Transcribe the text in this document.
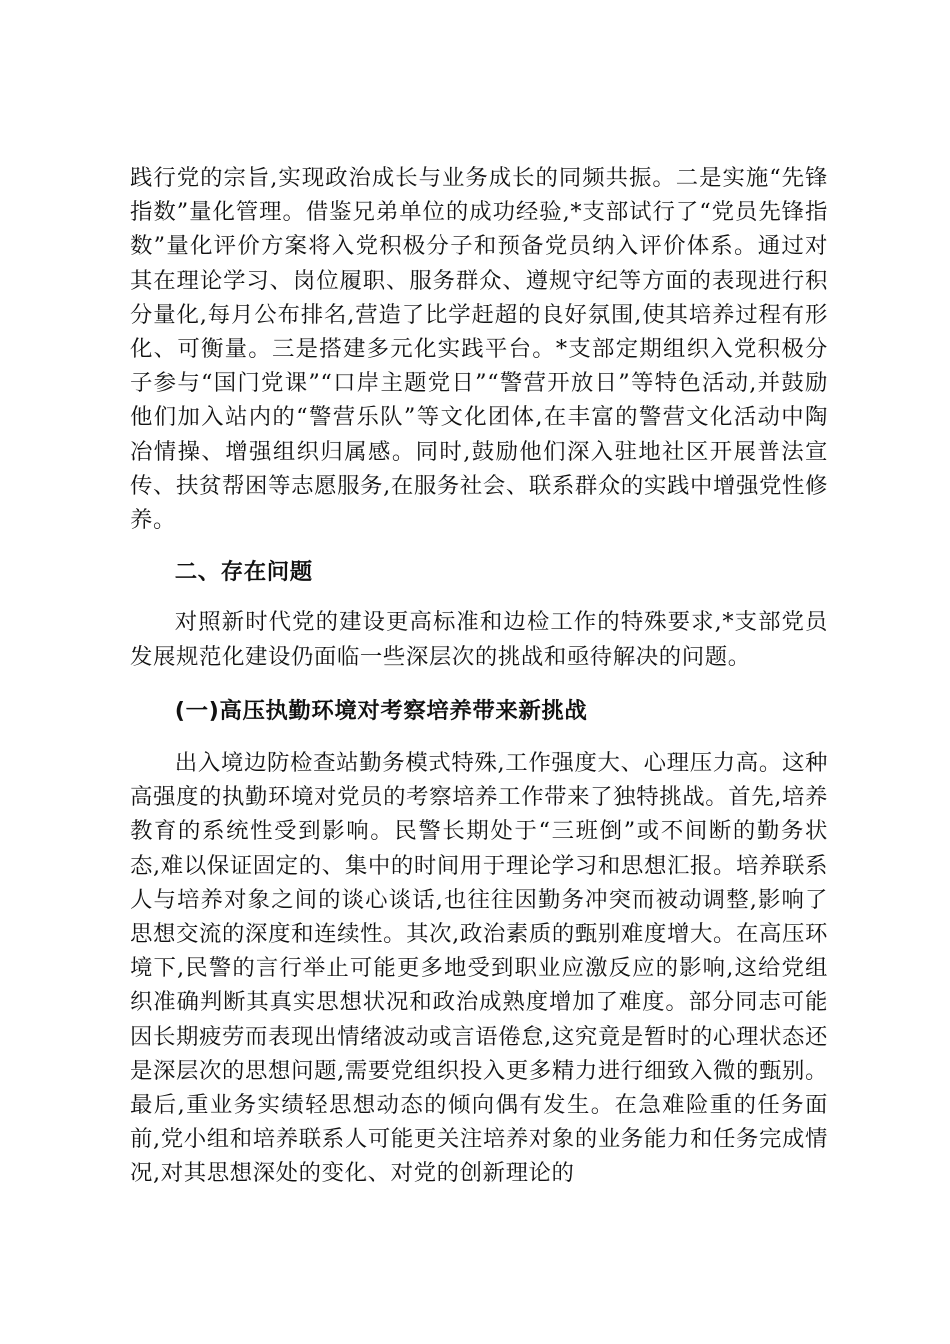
践行党的宗旨,实现政治成长与业务成长的同频共振。二是实施“先锋指数”量化管理。借鉴兄弟单位的成功经验,*支部试行了“党员先锋指数”量化评价方案将入党积极分子和预备党员纳入评价体系。通过对其在理论学习、岗位履职、服务群众、遵规守纪等方面的表现进行积分量化,每月公布排名,营造了比学赶超的良好氛围,使其培养过程有形化、可衡量。三是搭建多元化实践平台。*支部定期组织入党积极分子参与“国门党课”“口岸主题党日”“警营开放日”等特色活动,并鼓励他们加入站内的“警营乐队”等文化团体,在丰富的警营文化活动中陶冶情操、增强组织归属感。同时,鼓励他们深入驻地社区开展普法宣传、扶贫帮困等志愿服务,在服务社会、联系群众的实践中增强党性修养。

二、存在问题

对照新时代党的建设更高标准和边检工作的特殊要求,*支部党员发展规范化建设仍面临一些深层次的挑战和亟待解决的问题。

(一)高压执勤环境对考察培养带来新挑战

出入境边防检查站勤务模式特殊,工作强度大、心理压力高。这种高强度的执勤环境对党员的考察培养工作带来了独特挑战。首先,培养教育的系统性受到影响。民警长期处于“三班倒”或不间断的勤务状态,难以保证固定的、集中的时间用于理论学习和思想汇报。培养联系人与培养对象之间的谈心谈话,也往往因勤务冲突而被动调整,影响了思想交流的深度和连续性。其次,政治素质的甄别难度增大。在高压环境下,民警的言行举止可能更多地受到职业应激反应的影响,这给党组织准确判断其真实思想状况和政治成熟度增加了难度。部分同志可能因长期疲劳而表现出情绪波动或言语倦怠,这究竟是暂时的心理状态还是深层次的思想问题,需要党组织投入更多精力进行细致入微的甄别。最后,重业务实绩轻思想动态的倾向偶有发生。在急难险重的任务面前,党小组和培养联系人可能更关注培养对象的业务能力和任务完成情况,对其思想深处的变化、对党的创新理论的
